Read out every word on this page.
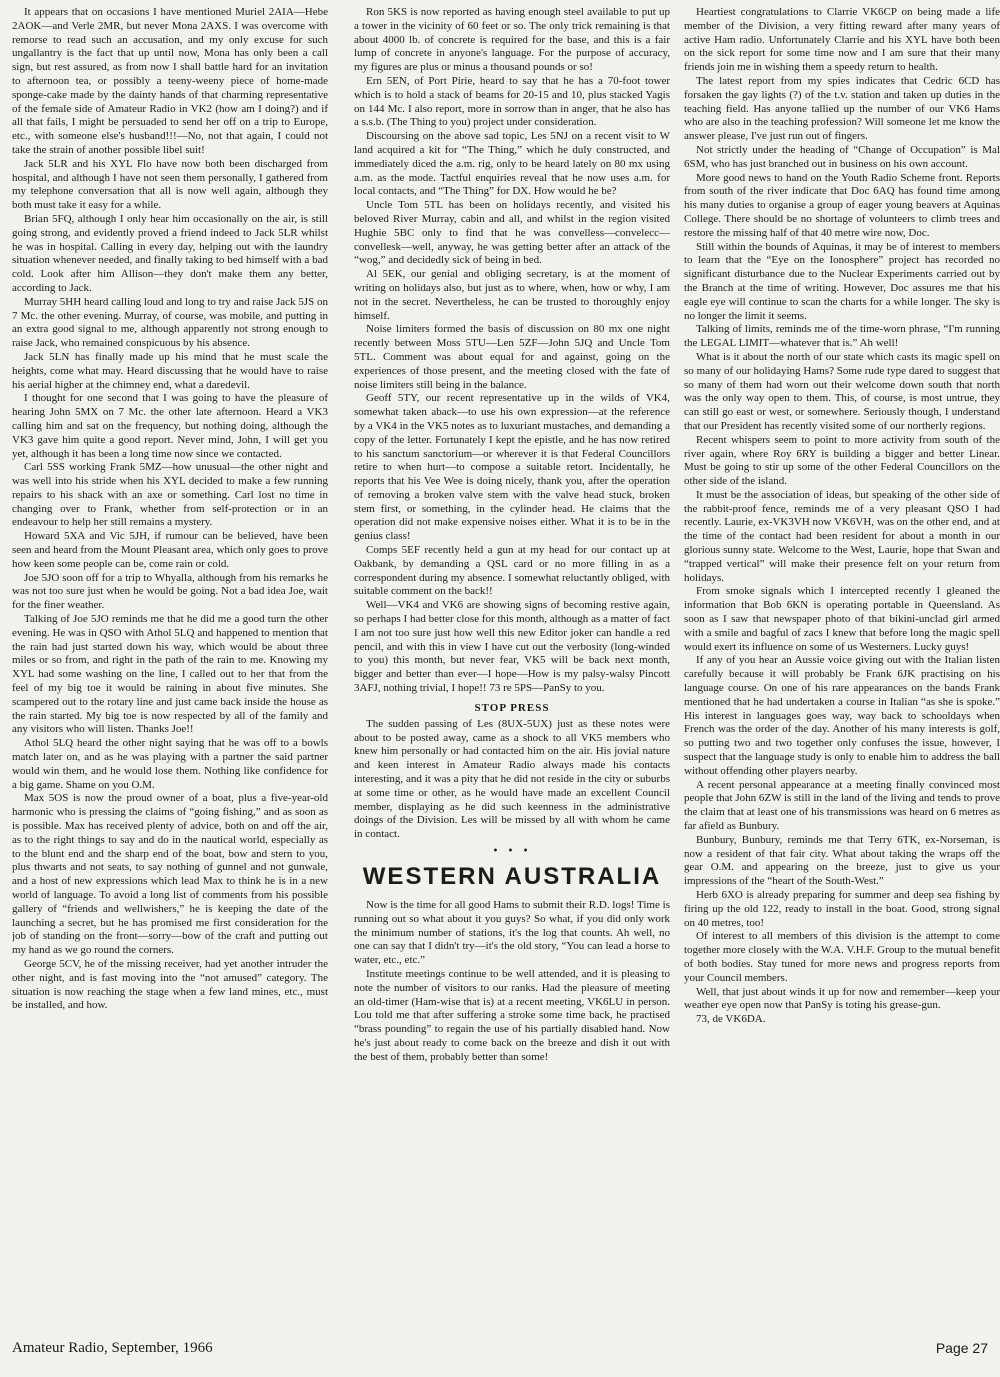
It appears that on occasions I have mentioned Muriel 2AIA—Hebe 2AOK—and Verle 2MR, but never Mona 2AXS. I was overcome with remorse to read such an accusation, and my only excuse for such ungallantry is the fact that up until now, Mona has only been a call sign, but rest assured, as from now I shall battle hard for an invitation to afternoon tea, or possibly a teeny-weeny piece of home-made sponge-cake made by the dainty hands of that charming representative of the female side of Amateur Radio in VK2 (how am I doing?) and if all that fails, I might be persuaded to send her off on a trip to Europe, etc., with someone else's husband!!!—No, not that again, I could not take the strain of another possible libel suit!

Jack 5LR and his XYL Flo have now both been discharged from hospital, and although I have not seen them personally, I gathered from my telephone conversation that all is now well again, although they both must take it easy for a while.

Brian 5FQ, although I only hear him occasionally on the air, is still going strong, and evidently proved a friend indeed to Jack 5LR whilst he was in hospital. Calling in every day, helping out with the laundry situation whenever needed, and finally taking to bed himself with a bad cold. Look after him Allison—they don't make them any better, according to Jack.

Murray 5HH heard calling loud and long to try and raise Jack 5JS on 7 Mc. the other evening. Murray, of course, was mobile, and putting in an extra good signal to me, although apparently not strong enough to raise Jack, who remained conspicuous by his absence.

Jack 5LN has finally made up his mind that he must scale the heights, come what may. Heard discussing that he would have to raise his aerial higher at the chimney end, what a daredevil.

I thought for one second that I was going to have the pleasure of hearing John 5MX on 7 Mc. the other late afternoon. Heard a VK3 calling him and sat on the frequency, but nothing doing, although the VK3 gave him quite a good report. Never mind, John, I will get you yet, although it has been a long time now since we contacted.

Carl 5SS working Frank 5MZ—how unusual—the other night and was well into his stride when his XYL decided to make a few running repairs to his shack with an axe or something. Carl lost no time in changing over to Frank, whether from self-protection or in an endeavour to help her still remains a mystery.

Howard 5XA and Vic 5JH, if rumour can be believed, have been seen and heard from the Mount Pleasant area, which only goes to prove how keen some people can be, come rain or cold.

Joe 5JO soon off for a trip to Whyalla, although from his remarks he was not too sure just when he would be going. Not a bad idea Joe, wait for the finer weather.

Talking of Joe 5JO reminds me that he did me a good turn the other evening. He was in QSO with Athol 5LQ and happened to mention that the rain had just started down his way, which would be about three miles or so from, and right in the path of the rain to me. Knowing my XYL had some washing on the line, I called out to her that from the feel of my big toe it would be raining in about five minutes. She scampered out to the rotary line and just came back inside the house as the rain started. My big toe is now respected by all of the family and any visitors who will listen. Thanks Joe!!

Athol 5LQ heard the other night saying that he was off to a bowls match later on, and as he was playing with a partner the said partner would win them, and he would lose them. Nothing like confidence for a big game. Shame on you O.M.

Max 5OS is now the proud owner of a boat, plus a five-year-old harmonic who is pressing the claims of “going fishing,” and as soon as is possible. Max has received plenty of advice, both on and off the air, as to the right things to say and do in the nautical world, especially as to the blunt end and the sharp end of the boat, bow and stern to you, plus thwarts and not seats, to say nothing of gunnel and not gunwale, and a host of new expressions which lead Max to think he is in a new world of language. To avoid a long list of comments from his possible gallery of “friends and wellwishers,” he is keeping the date of the launching a secret, but he has promised me first consideration for the job of standing on the front—sorry—bow of the craft and putting out my hand as we go round the corners.

George 5CV, he of the missing receiver, had yet another intruder the other night, and is fast moving into the “not amused” category. The situation is now reaching the stage when a few land mines, etc., must be installed, and how.

Ron 5KS is now reported as having enough steel available to put up a tower in the vicinity of 60 feet or so. The only trick remaining is that about 4000 lb. of concrete is required for the base, and this is a fair lump of concrete in anyone's language. For the purpose of accuracy, my figures are plus or minus a thousand pounds or so!

Ern 5EN, of Port Pirie, heard to say that he has a 70-foot tower which is to hold a stack of beams for 20-15 and 10, plus stacked Yagis on 144 Mc. I also report, more in sorrow than in anger, that he also has a s.s.b. (The Thing to you) project under consideration.

Discoursing on the above sad topic, Les 5NJ on a recent visit to W land acquired a kit for “The Thing,” which he duly constructed, and immediately diced the a.m. rig, only to be heard lately on 80 mx using a.m. as the mode. Tactful enquiries reveal that he now uses a.m. for local contacts, and “The Thing” for DX. How would he be?

Uncle Tom 5TL has been on holidays recently, and visited his beloved River Murray, cabin and all, and whilst in the region visited Hughie 5BC only to find that he was convelless—convelecc—convellesk—well, anyway, he was getting better after an attack of the “wog,” and decidedly sick of being in bed.

Al 5EK, our genial and obliging secretary, is at the moment of writing on holidays also, but just as to where, when, how or why, I am not in the secret. Nevertheless, he can be trusted to thoroughly enjoy himself.

Noise limiters formed the basis of discussion on 80 mx one night recently between Moss 5TU—Len 5ZF—John 5JQ and Uncle Tom 5TL. Comment was about equal for and against, going on the experiences of those present, and the meeting closed with the fate of noise limiters still being in the balance.

Geoff 5TY, our recent representative up in the wilds of VK4, somewhat taken aback—to use his own expression—at the reference by a VK4 in the VK5 notes as to luxuriant mustaches, and demanding a copy of the letter. Fortunately I kept the epistle, and he has now retired to his sanctum sanctorium—or wherever it is that Federal Councillors retire to when hurt—to compose a suitable retort. Incidentally, he reports that his Vee Wee is doing nicely, thank you, after the operation of removing a broken valve stem with the valve head stuck, broken stem first, or something, in the cylinder head. He claims that the operation did not make expensive noises either. What it is to be in the genius class!

Comps 5EF recently held a gun at my head for our contact up at Oakbank, by demanding a QSL card or no more filling in as a correspondent during my absence. I somewhat reluctantly obliged, with suitable comment on the back!!

Well—VK4 and VK6 are showing signs of becoming restive again, so perhaps I had better close for this month, although as a matter of fact I am not too sure just how well this new Editor joker can handle a red pencil, and with this in view I have cut out the verbosity (long-winded to you) this month, but never fear, VK5 will be back next month, bigger and better than ever—I hope—How is my palsy-walsy Pincott 3AFJ, nothing trivial, I hope!! 73 re 5PS—PanSy to you.

STOP PRESS

The sudden passing of Les (8UX-5UX) just as these notes were about to be posted away, came as a shock to all VK5 members who knew him personally or had contacted him on the air. His jovial nature and keen interest in Amateur Radio always made his contacts interesting, and it was a pity that he did not reside in the city or suburbs at some time or other, as he would have made an excellent Council member, displaying as he did such keenness in the administrative doings of the Division. Les will be missed by all with whom he came in contact.

• • •
WESTERN AUSTRALIA

Now is the time for all good Hams to submit their R.D. logs! Time is running out so what about it you guys? So what, if you did only work the minimum number of stations, it's the log that counts. Ah well, no one can say that I didn't try—it's the old story, “You can lead a horse to water, etc., etc.”

Institute meetings continue to be well attended, and it is pleasing to note the number of visitors to our ranks. Had the pleasure of meeting an old-timer (Ham-wise that is) at a recent meeting, VK6LU in person. Lou told me that after suffering a stroke some time back, he practised “brass pounding” to regain the use of his partially disabled hand. Now he's just about ready to come back on the breeze and dish it out with the best of them, probably better than some!

Heartiest congratulations to Clarrie VK6CP on being made a life member of the Division, a very fitting reward after many years of active Ham radio. Unfortunately Clarrie and his XYL have both been on the sick report for some time now and I am sure that their many friends join me in wishing them a speedy return to health.

The latest report from my spies indicates that Cedric 6CD has forsaken the gay lights (?) of the t.v. station and taken up duties in the teaching field. Has anyone tallied up the number of our VK6 Hams who are also in the teaching profession? Will someone let me know the answer please, I've just run out of fingers.

Not strictly under the heading of “Change of Occupation” is Mal 6SM, who has just branched out in business on his own account.

More good news to hand on the Youth Radio Scheme front. Reports from south of the river indicate that Doc 6AQ has found time among his many duties to organise a group of eager young beavers at Aquinas College. There should be no shortage of volunteers to climb trees and restore the missing half of that 40 metre wire now, Doc.

Still within the bounds of Aquinas, it may be of interest to members to learn that the “Eye on the Ionosphere” project has recorded no significant disturbance due to the Nuclear Experiments carried out by the Branch at the time of writing. However, Doc assures me that his eagle eye will continue to scan the charts for a while longer. The sky is no longer the limit it seems.

Talking of limits, reminds me of the time-worn phrase, “I'm running the LEGAL LIMIT—whatever that is.” Ah well!

What is it about the north of our state which casts its magic spell on so many of our holidaying Hams? Some rude type dared to suggest that so many of them had worn out their welcome down south that north was the only way open to them. This, of course, is most untrue, they can still go east or west, or somewhere. Seriously though, I understand that our President has recently visited some of our northerly regions.

Recent whispers seem to point to more activity from south of the river again, where Roy 6RY is building a bigger and better Linear. Must be going to stir up some of the other Federal Councillors on the other side of the island.

It must be the association of ideas, but speaking of the other side of the rabbit-proof fence, reminds me of a very pleasant QSO I had recently. Laurie, ex-VK3VH now VK6VH, was on the other end, and at the time of the contact had been resident for about a month in our glorious sunny state. Welcome to the West, Laurie, hope that Swan and “trapped vertical” will make their presence felt on your return from holidays.

From smoke signals which I intercepted recently I gleaned the information that Bob 6KN is operating portable in Queensland. As soon as I saw that newspaper photo of that bikini-unclad girl armed with a smile and bagful of zacs I knew that before long the magic spell would exert its influence on some of us Westerners. Lucky guys!

If any of you hear an Aussie voice giving out with the Italian listen carefully because it will probably be Frank 6JK practising on his language course. On one of his rare appearances on the bands Frank mentioned that he had undertaken a course in Italian “as she is spoke.” His interest in languages goes way, way back to schooldays when French was the order of the day. Another of his many interests is golf, so putting two and two together only confuses the issue, however, I suspect that the language study is only to enable him to address the ball without offending other players nearby.

A recent personal appearance at a meeting finally convinced most people that John 6ZW is still in the land of the living and tends to prove the claim that at least one of his transmissions was heard on 6 metres as far afield as Bunbury.

Bunbury, Bunbury, reminds me that Terry 6TK, ex-Norseman, is now a resident of that fair city. What about taking the wraps off the gear O.M. and appearing on the breeze, just to give us your impressions of the “heart of the South-West.”

Herb 6XO is already preparing for summer and deep sea fishing by firing up the old 122, ready to install in the boat. Good, strong signal on 40 metres, too!

Of interest to all members of this division is the attempt to come together more closely with the W.A. V.H.F. Group to the mutual benefit of both bodies. Stay tuned for more news and progress reports from your Council members.

Well, that just about winds it up for now and remember—keep your weather eye open now that PanSy is toting his grease-gun.

73, de VK6DA.

Amateur Radio, September, 1966	Page 27
